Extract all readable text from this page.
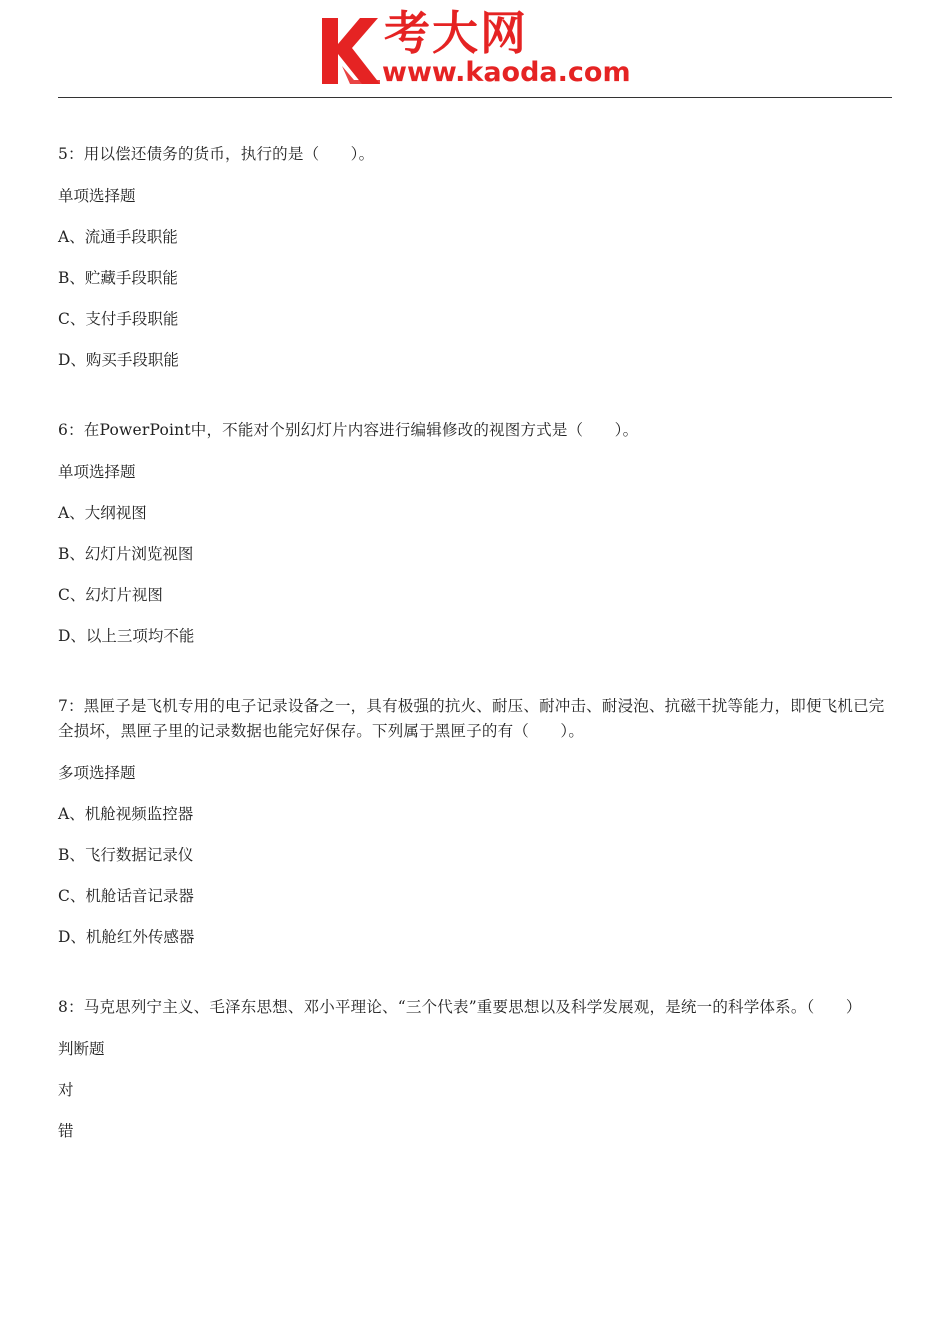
考大网
www.kaoda.com
5：用以偿还债务的货币，执行的是（　　）。
单项选择题
A、流通手段职能
B、贮藏手段职能
C、支付手段职能
D、购买手段职能
6：在PowerPoint中，不能对个别幻灯片内容进行编辑修改的视图方式是（　　）。
单项选择题
A、大纲视图
B、幻灯片浏览视图
C、幻灯片视图
D、以上三项均不能
7：黑匣子是飞机专用的电子记录设备之一，具有极强的抗火、耐压、耐冲击、耐浸泡、抗磁干扰等能力，即便飞机已完全损坏，黑匣子里的记录数据也能完好保存。下列属于黑匣子的有（　　）。
多项选择题
A、机舱视频监控器
B、飞行数据记录仪
C、机舱话音记录器
D、机舱红外传感器
8：马克思列宁主义、毛泽东思想、邓小平理论、“三个代表”重要思想以及科学发展观，是统一的科学体系。（　　）
判断题
对
错
